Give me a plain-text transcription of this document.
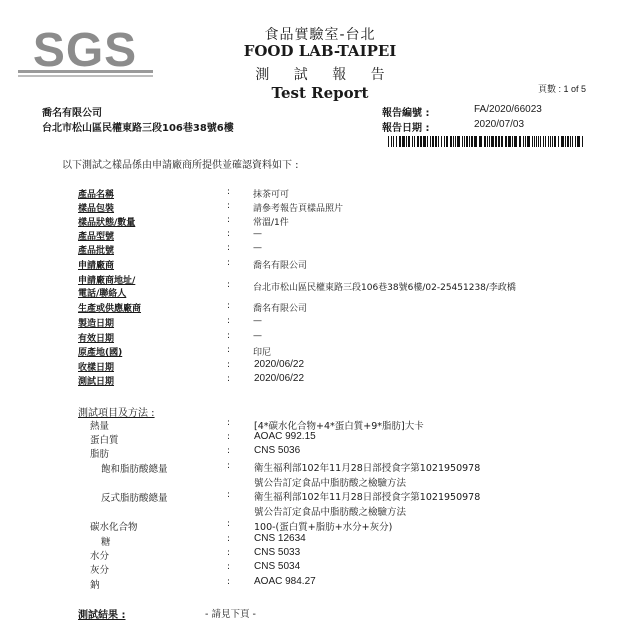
SGS	食品實驗室-台北
FOOD LAB-TAIPEI
測 試 報 告
Test Report	頁數 : 1 of 5
喬名有限公司
台北市松山區民權東路三段106巷38號6樓
報告編號 :	FA/2020/66023
報告日期 :	2020/07/03
以下測試之樣品係由申請廠商所提供並確認資料如下 :
產品名稱	:	抹茶可可
樣品包裝	:	請參考報告頁樣品照片
樣品狀態/數量	:	常溫/1件
產品型號	:	—
產品批號	:	—
申請廠商	:	喬名有限公司
申請廠商地址/
電話/聯絡人
:	台北市松山區民權東路三段106巷38號6樓/02-25451238/李政橋
生產或供應廠商	:	喬名有限公司
製造日期	:	—
有效日期	:	—
原產地(國)	:	印尼
收樣日期	: 2020/06/22
測試日期	: 2020/06/22
測試項目及方法 :
熱量	:	[4*碳水化合物+4*蛋白質+9*脂肪]大卡
蛋白質	: AOAC 992.15
脂肪	: CNS 5036
飽和脂肪酸總量	:	衛生福利部102年11月28日部授食字第1021950978
號公告訂定食品中脂肪酸之檢驗方法
反式脂肪酸總量	:	衛生福利部102年11月28日部授食字第1021950978
號公告訂定食品中脂肪酸之檢驗方法
碳水化合物	:	100-(蛋白質+脂肪+水分+灰分)
糖	: CNS 12634
水分	: CNS 5033
灰分	: CNS 5034
鈉	: AOAC 984.27
測試結果 :	- 請見下頁 -
